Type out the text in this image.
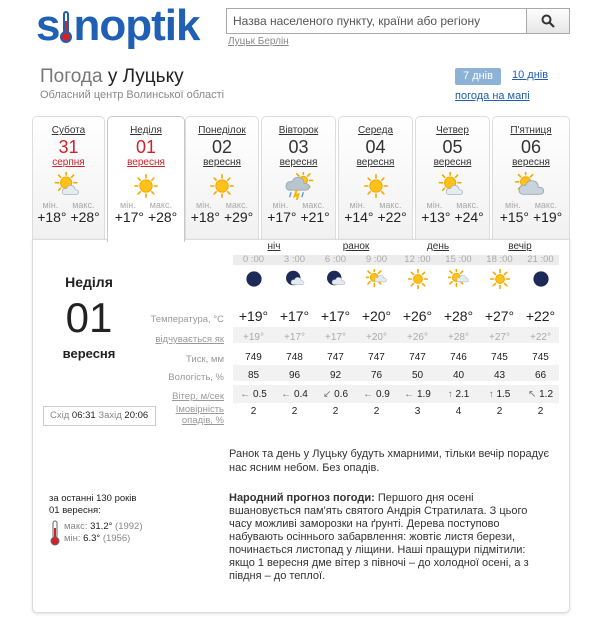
s noptik
Назва населеного пункту, країни або регіону	Луцьк Берлін
Погода у Луцьку
Обласний центр Волинської області
7 днів	10 днів
погода на мапі
Субота
31
серпня
мін. макс.
+18° +28°
Неділя
01
вересня
мін. макс.
+17° +28°
Понеділок
02
вересня
мін. макс.
+18° +29°
Вівторок
03
вересня
мін. макс.
+17° +21°
Середа
04
вересня
мін. макс.
+14° +22°
Четвер
05
вересня
мін. макс.
+13° +24°
П'ятниця
06
вересня
мін. макс.
+15° +19°
Неділя
01
вересня
Схід 06:31 Захід 20:06
ніч	ранок	день	вечір
0 :00	3 :00	6 :00	9 :00	12 :00	15 :00	18 :00	21 :00
Температура, °С
відчувається як
Тиск, мм
Вологість, %
Вітер, м/сек
Імовірність опадів, %
+19° +17° +17° +20° +26° +28° +27° +22°
+19°	+17°	+17°	+20°	+26°	+28°	+27°	+22°
749	748	747	747	747	746	745	745
85	96	92	76	50	40	43	66
← 0.5	← 0.4	↙ 0.6	← 0.9	← 1.9	↑ 2.1	↑ 1.5	↖ 1.2
2	2	2	2	3	4	2	2
Ранок та день у Луцьку будуть хмарними, тільки вечір порадує нас ясним небом. Без опадів.
Народний прогноз погоди: Першого дня осені вшановується пам'ять святого Андрія Стратилата. З цього часу можливі заморозки на ґрунті. Дерева поступово набувають осіннього забарвлення: жовтіє листя берези, починається листопад у ліщини. Наші пращури підмітили: якщо 1 вересня дме вітер з півночі – до холодної осені, а з півдня – до теплої.
за останні 130 років
01 вересня:
макс: 31.2° (1992)
мін: 6.3° (1956)
